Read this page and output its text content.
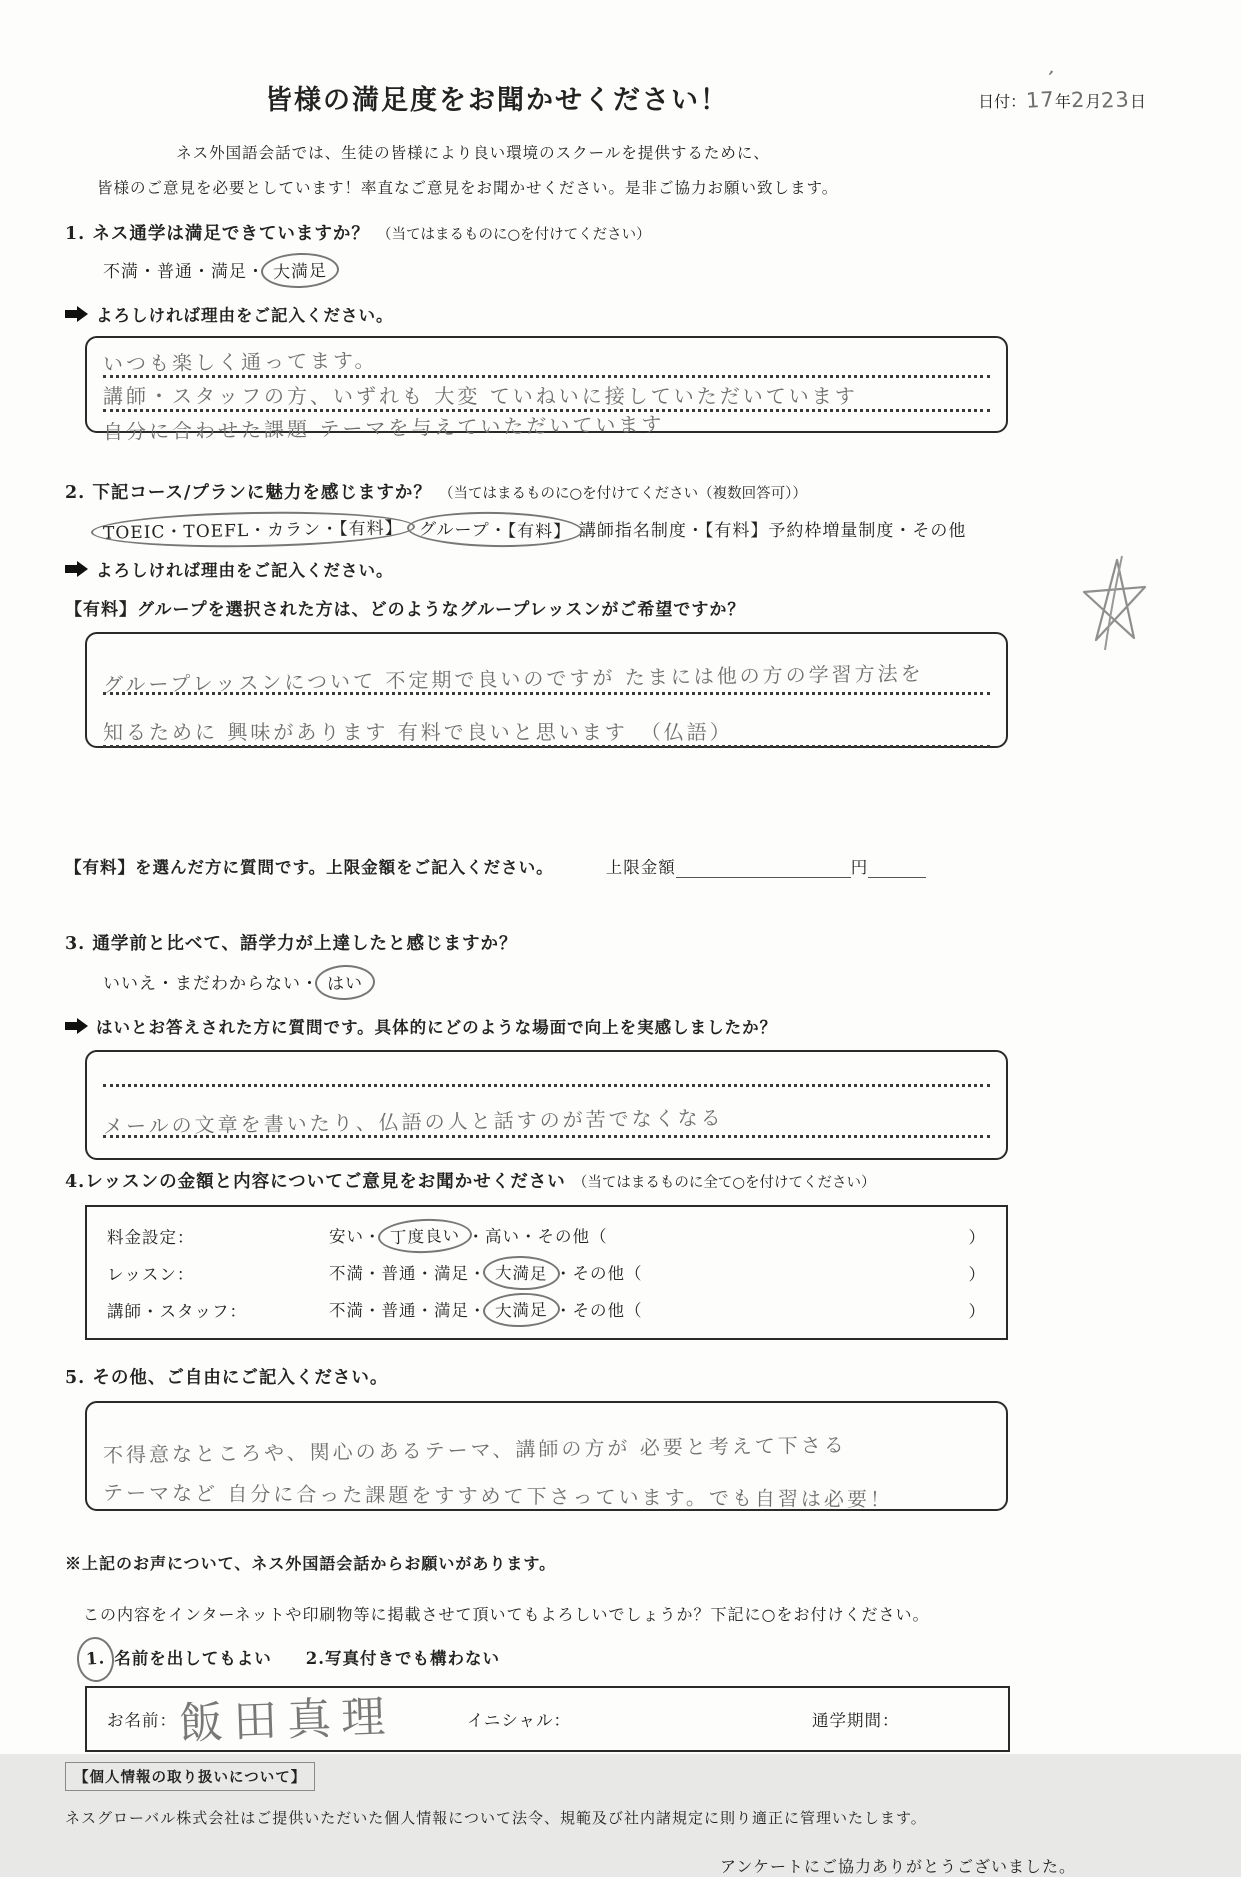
皆様の満足度をお聞かせください！
’
日付：17年2月23日

ネス外国語会話では、生徒の皆様により良い環境のスクールを提供するために、

皆様のご意見を必要としています！率直なご意見をお聞かせください。是非ご協力お願い致します。

1. ネス通学は満足できていますか？ （当てはまるものに○を付けてください）
不満・普通・満足・ 大満足
よろしければ理由をご記入ください。
いつも楽しく通ってます。
講師・スタッフの方、いずれも 大変 ていねいに接していただいています
自分に合わせた課題 テーマを与えていただいています
2. 下記コース/プランに魅力を感じますか？ （当てはまるものに○を付けてください（複数回答可））
TOEIC・TOEFL・カラン・【有料】 グループ・【有料】 講師指名制度・【有料】予約枠増量制度・その他
よろしければ理由をご記入ください。
【有料】グループを選択された方は、どのようなグループレッスンがご希望ですか？
グループレッスンについて 不定期で良いのですが たまには他の方の学習方法を
知るために 興味があります 有料で良いと思います　（仏語）
【有料】を選んだ方に質問です。上限金額をご記入ください。	上限金額	円
3. 通学前と比べて、語学力が上達したと感じますか？
いいえ・まだわからない・ はい
はいとお答えされた方に質問です。具体的にどのような場面で向上を実感しましたか？
メールの文章を書いたり、仏語の人と話すのが苦でなくなる
4.レッスンの金額と内容についてご意見をお聞かせください （当てはまるものに全て○を付けてください）
料金設定：	安い・ 丁度良い ・高い・その他（	）
レッスン：	不満・普通・満足・ 大満足 ・その他（	）
講師・スタッフ：	不満・普通・満足・ 大満足 ・その他（	）
5. その他、ご自由にご記入ください。
不得意なところや、関心のあるテーマ、講師の方が 必要と考えて下さる
テーマなど 自分に合った課題をすすめて下さっています。でも自習は必要！
※上記のお声について、ネス外国語会話からお願いがあります。
この内容をインターネットや印刷物等に掲載させて頂いてもよろしいでしょうか？下記に○をお付けください。
1. 名前を出してもよい 2.写真付きでも構わない
お名前： 飯田真理	イニシャル：	通学期間：
【個人情報の取り扱いについて】

ネスグローバル株式会社はご提供いただいた個人情報について法令、規範及び社内諸規定に則り適正に管理いたします。

アンケートにご協力ありがとうございました。
